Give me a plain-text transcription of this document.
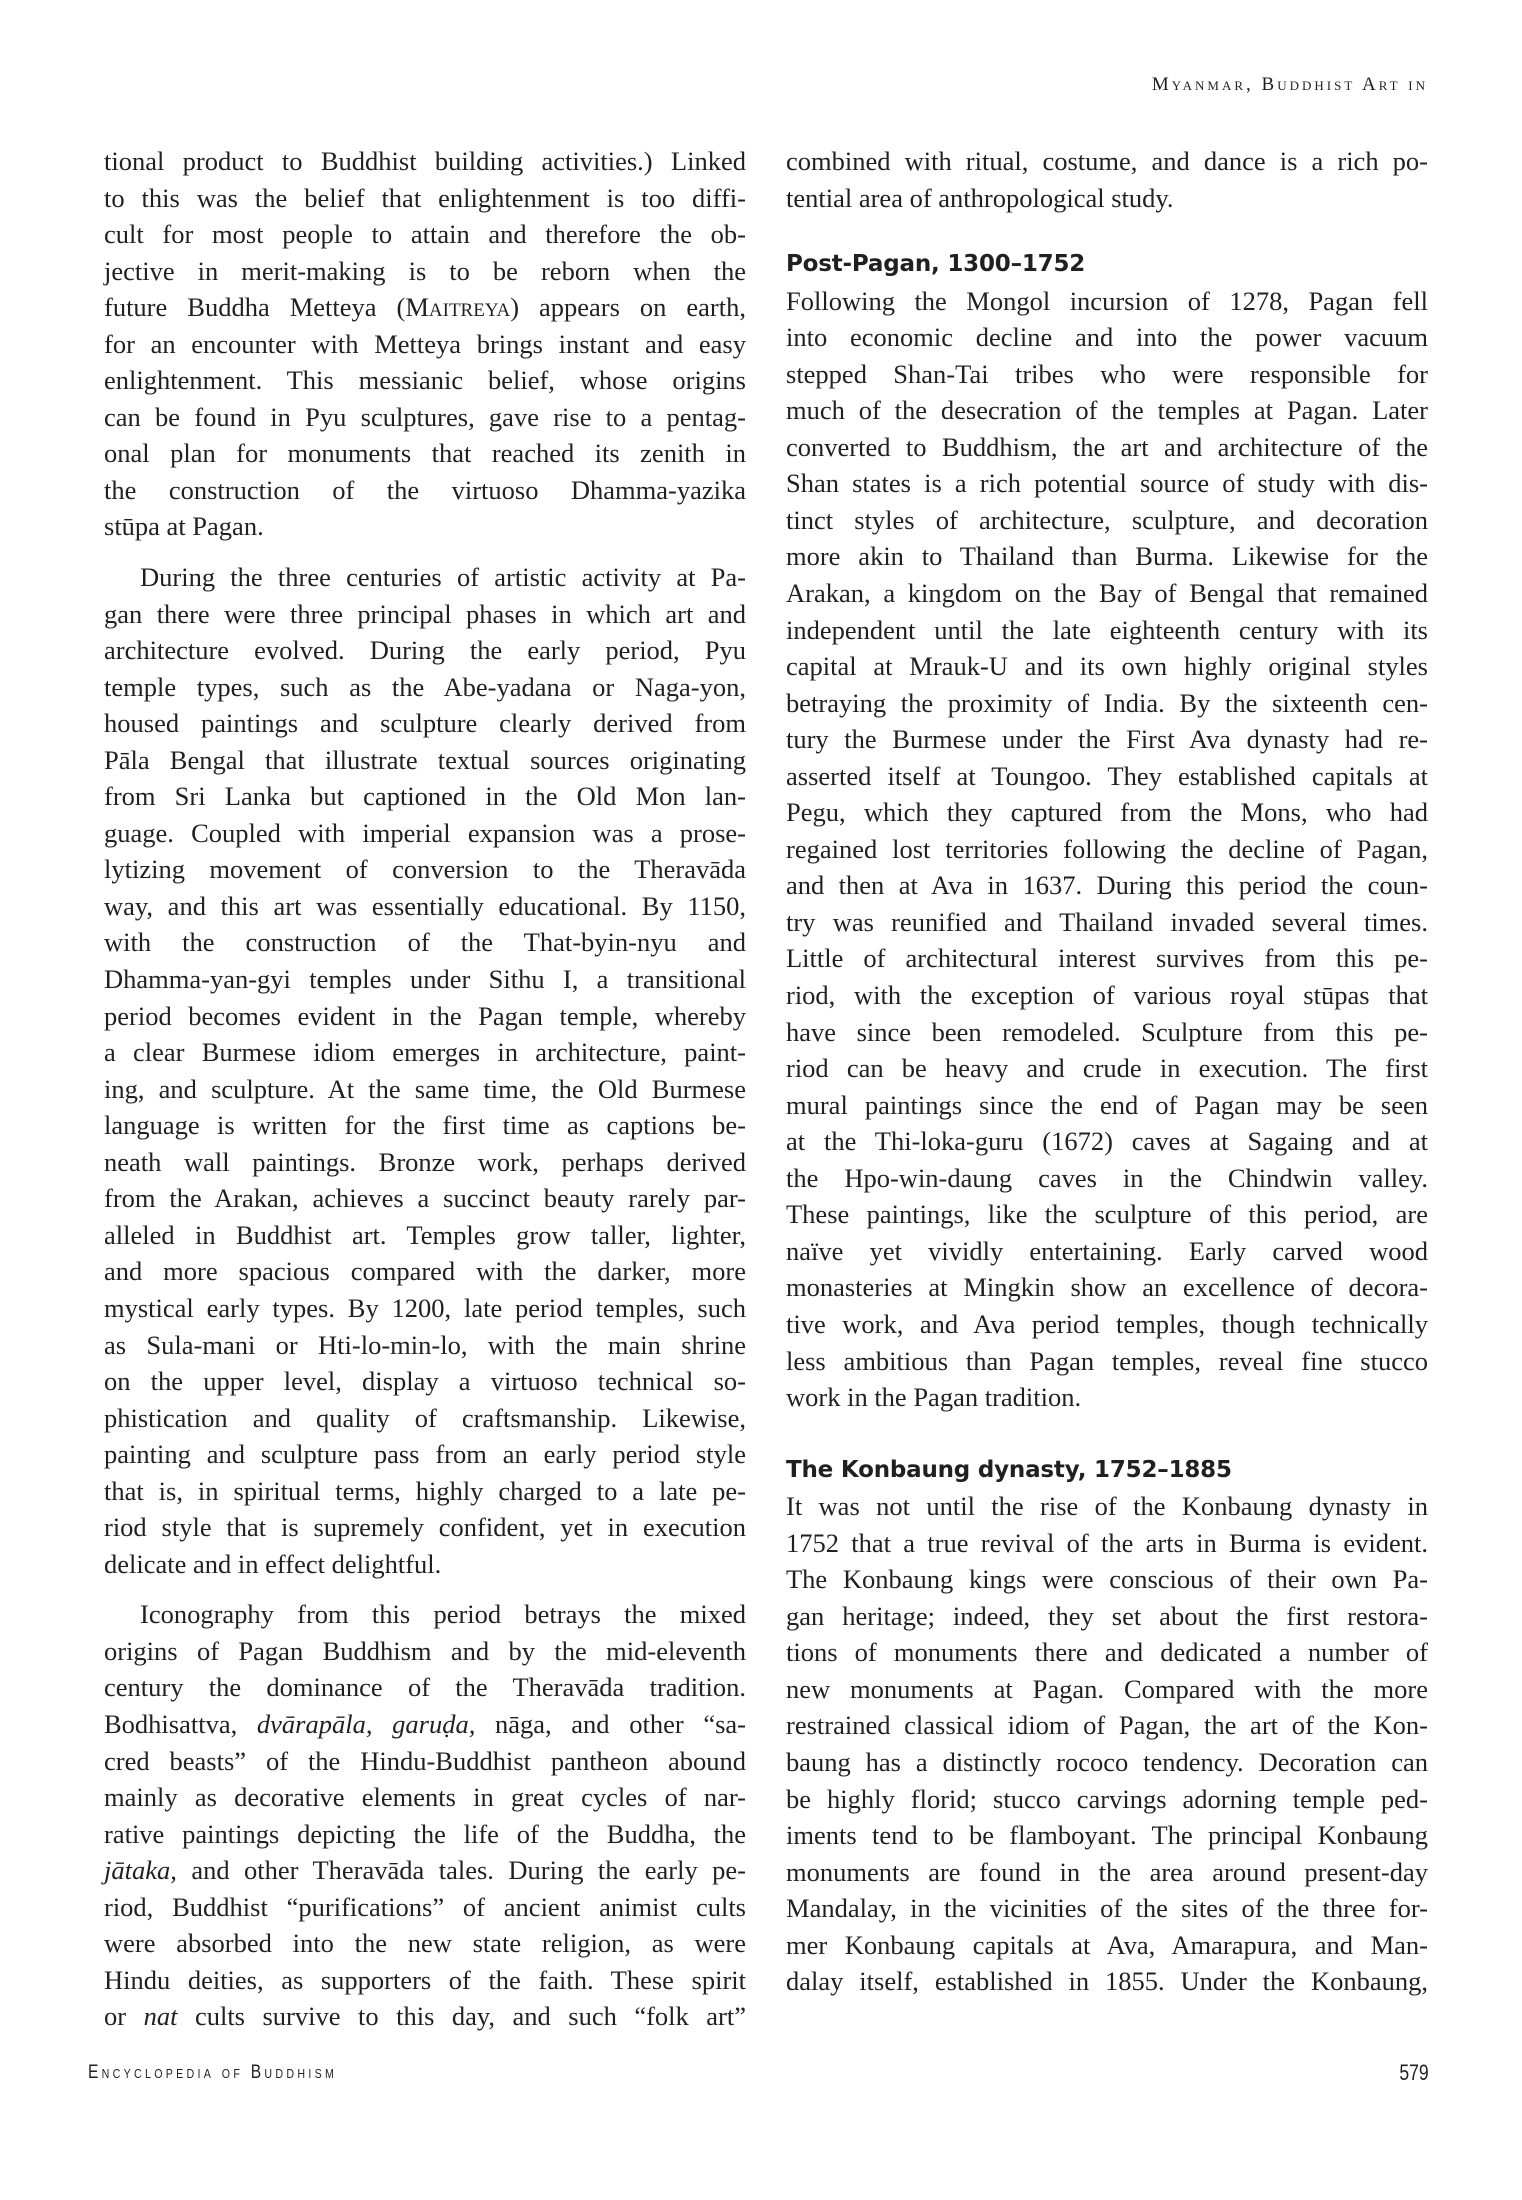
Myanmar, Buddhist Art in
tional product to Buddhist building activities.) Linked
to this was the belief that enlightenment is too diffi-
cult for most people to attain and therefore the ob-
jective in merit-making is to be reborn when the
future Buddha Metteya (Maitreya) appears on earth,
for an encounter with Metteya brings instant and easy
enlightenment. This messianic belief, whose origins
can be found in Pyu sculptures, gave rise to a pentag-
onal plan for monuments that reached its zenith in
the construction of the virtuoso Dhamma-yazika
stūpa at Pagan.
During the three centuries of artistic activity at Pa-
gan there were three principal phases in which art and
architecture evolved. During the early period, Pyu
temple types, such as the Abe-yadana or Naga-yon,
housed paintings and sculpture clearly derived from
Pāla Bengal that illustrate textual sources originating
from Sri Lanka but captioned in the Old Mon lan-
guage. Coupled with imperial expansion was a prose-
lytizing movement of conversion to the Theravāda
way, and this art was essentially educational. By 1150,
with the construction of the That-byin-nyu and
Dhamma-yan-gyi temples under Sithu I, a transitional
period becomes evident in the Pagan temple, whereby
a clear Burmese idiom emerges in architecture, paint-
ing, and sculpture. At the same time, the Old Burmese
language is written for the first time as captions be-
neath wall paintings. Bronze work, perhaps derived
from the Arakan, achieves a succinct beauty rarely par-
alleled in Buddhist art. Temples grow taller, lighter,
and more spacious compared with the darker, more
mystical early types. By 1200, late period temples, such
as Sula-mani or Hti-lo-min-lo, with the main shrine
on the upper level, display a virtuoso technical so-
phistication and quality of craftsmanship. Likewise,
painting and sculpture pass from an early period style
that is, in spiritual terms, highly charged to a late pe-
riod style that is supremely confident, yet in execution
delicate and in effect delightful.
Iconography from this period betrays the mixed
origins of Pagan Buddhism and by the mid-eleventh
century the dominance of the Theravāda tradition.
Bodhisattva, dvārapāla, garuḍa, nāga, and other “sa-
cred beasts” of the Hindu-Buddhist pantheon abound
mainly as decorative elements in great cycles of nar-
rative paintings depicting the life of the Buddha, the
jātaka, and other Theravāda tales. During the early pe-
riod, Buddhist “purifications” of ancient animist cults
were absorbed into the new state religion, as were
Hindu deities, as supporters of the faith. These spirit
or nat cults survive to this day, and such “folk art”
combined with ritual, costume, and dance is a rich po-
tential area of anthropological study.
Post-Pagan, 1300–1752
Following the Mongol incursion of 1278, Pagan fell
into economic decline and into the power vacuum
stepped Shan-Tai tribes who were responsible for
much of the desecration of the temples at Pagan. Later
converted to Buddhism, the art and architecture of the
Shan states is a rich potential source of study with dis-
tinct styles of architecture, sculpture, and decoration
more akin to Thailand than Burma. Likewise for the
Arakan, a kingdom on the Bay of Bengal that remained
independent until the late eighteenth century with its
capital at Mrauk-U and its own highly original styles
betraying the proximity of India. By the sixteenth cen-
tury the Burmese under the First Ava dynasty had re-
asserted itself at Toungoo. They established capitals at
Pegu, which they captured from the Mons, who had
regained lost territories following the decline of Pagan,
and then at Ava in 1637. During this period the coun-
try was reunified and Thailand invaded several times.
Little of architectural interest survives from this pe-
riod, with the exception of various royal stūpas that
have since been remodeled. Sculpture from this pe-
riod can be heavy and crude in execution. The first
mural paintings since the end of Pagan may be seen
at the Thi-loka-guru (1672) caves at Sagaing and at
the Hpo-win-daung caves in the Chindwin valley.
These paintings, like the sculpture of this period, are
naïve yet vividly entertaining. Early carved wood
monasteries at Mingkin show an excellence of decora-
tive work, and Ava period temples, though technically
less ambitious than Pagan temples, reveal fine stucco
work in the Pagan tradition.
The Konbaung dynasty, 1752–1885
It was not until the rise of the Konbaung dynasty in
1752 that a true revival of the arts in Burma is evident.
The Konbaung kings were conscious of their own Pa-
gan heritage; indeed, they set about the first restora-
tions of monuments there and dedicated a number of
new monuments at Pagan. Compared with the more
restrained classical idiom of Pagan, the art of the Kon-
baung has a distinctly rococo tendency. Decoration can
be highly florid; stucco carvings adorning temple ped-
iments tend to be flamboyant. The principal Konbaung
monuments are found in the area around present-day
Mandalay, in the vicinities of the sites of the three for-
mer Konbaung capitals at Ava, Amarapura, and Man-
dalay itself, established in 1855. Under the Konbaung,
Encyclopedia of Buddhism	579
